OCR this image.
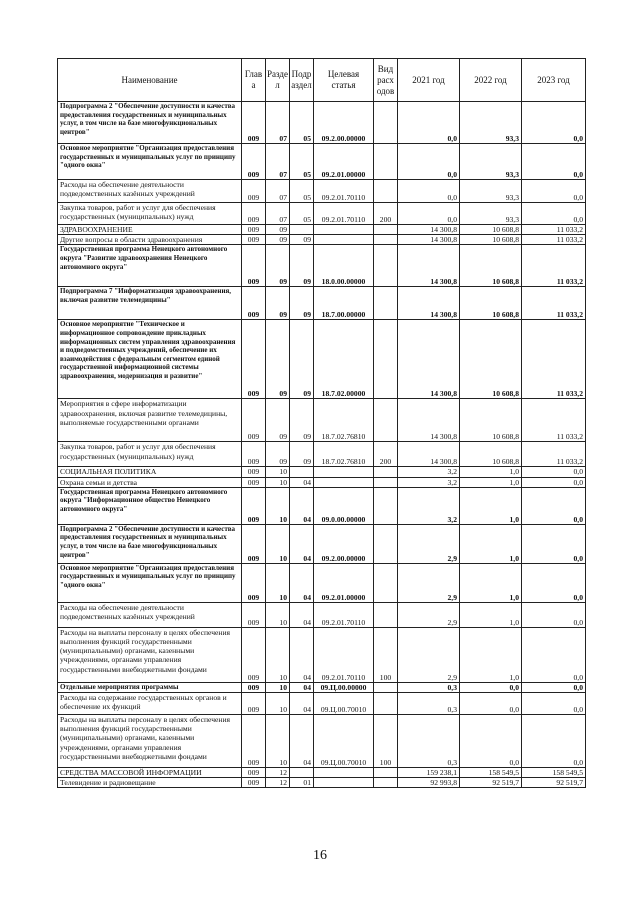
Наименование	Глав а	Разде л	Подр аздел	Целевая статья	Вид расх одов	2021 год	2022 год	2023 год
Подпрограмма 2 "Обеспечение доступности и качества предоставления государственных и муниципальных услуг, в том числе на базе многофункциональных центров"	009	07	05	09.2.00.00000		0,0	93,3	0,0
Основное мероприятие "Организация предоставления государственных и муниципальных услуг по принципу "одного окна"	009	07	05	09.2.01.00000		0,0	93,3	0,0
Расходы на обеспечение деятельности подведомственных казённых учреждений	009	07	05	09.2.01.70110		0,0	93,3	0,0
Закупка товаров, работ и услуг для обеспечения государственных (муниципальных) нужд	009	07	05	09.2.01.70110	200	0,0	93,3	0,0
ЗДРАВООХРАНЕНИЕ	009	09				14 300,8	10 608,8	11 033,2
Другие вопросы в области здравоохранения	009	09	09			14 300,8	10 608,8	11 033,2
Государственная программа Ненецкого автономного округа "Развитие здравоохранения Ненецкого автономного округа"	009	09	09	18.0.00.00000		14 300,8	10 608,8	11 033,2
Подпрограмма 7 "Информатизация здравоохранения, включая развитие телемедицины"	009	09	09	18.7.00.00000		14 300,8	10 608,8	11 033,2
Основное мероприятие "Техническое и информационное сопровождение прикладных информационных систем управления здравоохранения и подведомственных учреждений, обеспечение их взаимодействия с федеральным сегментом единой государственной информационной системы здравоохранения, модернизация и развитие"	009	09	09	18.7.02.00000		14 300,8	10 608,8	11 033,2
Мероприятия в сфере информатизации здравоохранения, включая развитие телемедицины, выполняемые государственными органами	009	09	09	18.7.02.76810		14 300,8	10 608,8	11 033,2
Закупка товаров, работ и услуг для обеспечения государственных (муниципальных) нужд	009	09	09	18.7.02.76810	200	14 300,8	10 608,8	11 033,2
СОЦИАЛЬНАЯ ПОЛИТИКА	009	10				3,2	1,0	0,0
Охрана семьи и детства	009	10	04			3,2	1,0	0,0
Государственная программа Ненецкого автономного округа "Информационное общество Ненецкого автономного округа"	009	10	04	09.0.00.00000		3,2	1,0	0,0
Подпрограмма 2 "Обеспечение доступности и качества предоставления государственных и муниципальных услуг, в том числе на базе многофункциональных центров"	009	10	04	09.2.00.00000		2,9	1,0	0,0
Основное мероприятие "Организация предоставления государственных и муниципальных услуг по принципу "одного окна"	009	10	04	09.2.01.00000		2,9	1,0	0,0
Расходы на обеспечение деятельности подведомственных казённых учреждений	009	10	04	09.2.01.70110		2,9	1,0	0,0
Расходы на выплаты персоналу в целях обеспечения выполнения функций государственными (муниципальными) органами, казенными учреждениями, органами управления государственными внебюджетными фондами	009	10	04	09.2.01.70110	100	2,9	1,0	0,0
Отдельные мероприятия программы	009	10	04	09.Ц.00.00000		0,3	0,0	0,0
Расходы на содержание государственных органов и обеспечение их функций	009	10	04	09.Ц.00.70010		0,3	0,0	0,0
Расходы на выплаты персоналу в целях обеспечения выполнения функций государственными (муниципальными) органами, казенными учреждениями, органами управления государственными внебюджетными фондами	009	10	04	09.Ц.00.70010	100	0,3	0,0	0,0
СРЕДСТВА МАССОВОЙ ИНФОРМАЦИИ	009	12				159 238,1	158 549,5	158 549,5
Телевидение и радиовещание	009	12	01			92 993,8	92 519,7	92 519,7
16
